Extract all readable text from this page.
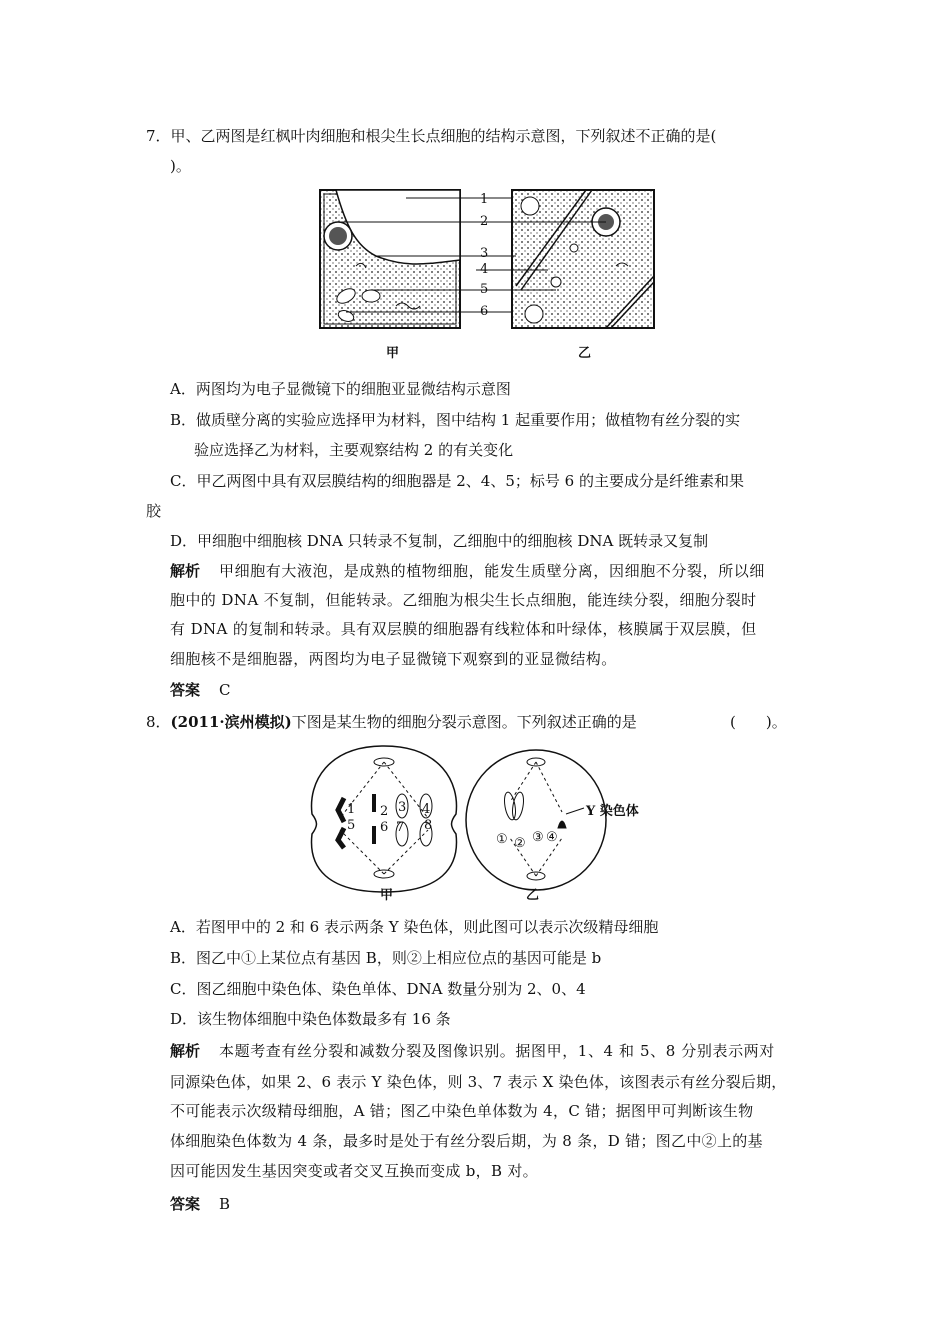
7．甲、乙两图是红枫叶肉细胞和根尖生长点细胞的结构示意图，下列叙述不正确的是(
)。
1
2
3
4
5
6
甲	乙
A．两图均为电子显微镜下的细胞亚显微结构示意图
B．做质壁分离的实验应选择甲为材料，图中结构 1 起重要作用；做植物有丝分裂的实
验应选择乙为材料，主要观察结构 2 的有关变化
C．甲乙两图中具有双层膜结构的细胞器是 2、4、5；标号 6 的主要成分是纤维素和果
胶
D．甲细胞中细胞核 DNA 只转录不复制，乙细胞中的细胞核 DNA 既转录又复制
解析 甲细胞有大液泡，是成熟的植物细胞，能发生质壁分离，因细胞不分裂，所以细
胞中的 DNA 不复制，但能转录。乙细胞为根尖生长点细胞，能连续分裂，细胞分裂时
有 DNA 的复制和转录。具有双层膜的细胞器有线粒体和叶绿体，核膜属于双层膜，但
细胞核不是细胞器，两图均为电子显微镜下观察到的亚显微结构。
答案 C
8．(2011·滨州模拟)下图是某生物的细胞分裂示意图。下列叙述正确的是	(　　)。
1
5
2
6
3
7
4
8
① ② ③ ④
Y 染色体
甲	乙
A．若图甲中的 2 和 6 表示两条 Y 染色体，则此图可以表示次级精母细胞
B．图乙中①上某位点有基因 B，则②上相应位点的基因可能是 b
C．图乙细胞中染色体、染色单体、DNA 数量分别为 2、0、4
D．该生物体细胞中染色体数最多有 16 条
解析 本题考查有丝分裂和减数分裂及图像识别。据图甲，1、4 和 5、8 分别表示两对
同源染色体，如果 2、6 表示 Y 染色体，则 3、7 表示 X 染色体，该图表示有丝分裂后期，
不可能表示次级精母细胞，A 错；图乙中染色单体数为 4，C 错；据图甲可判断该生物
体细胞染色体数为 4 条，最多时是处于有丝分裂后期，为 8 条，D 错；图乙中②上的基
因可能因发生基因突变或者交叉互换而变成 b，B 对。
答案 B
